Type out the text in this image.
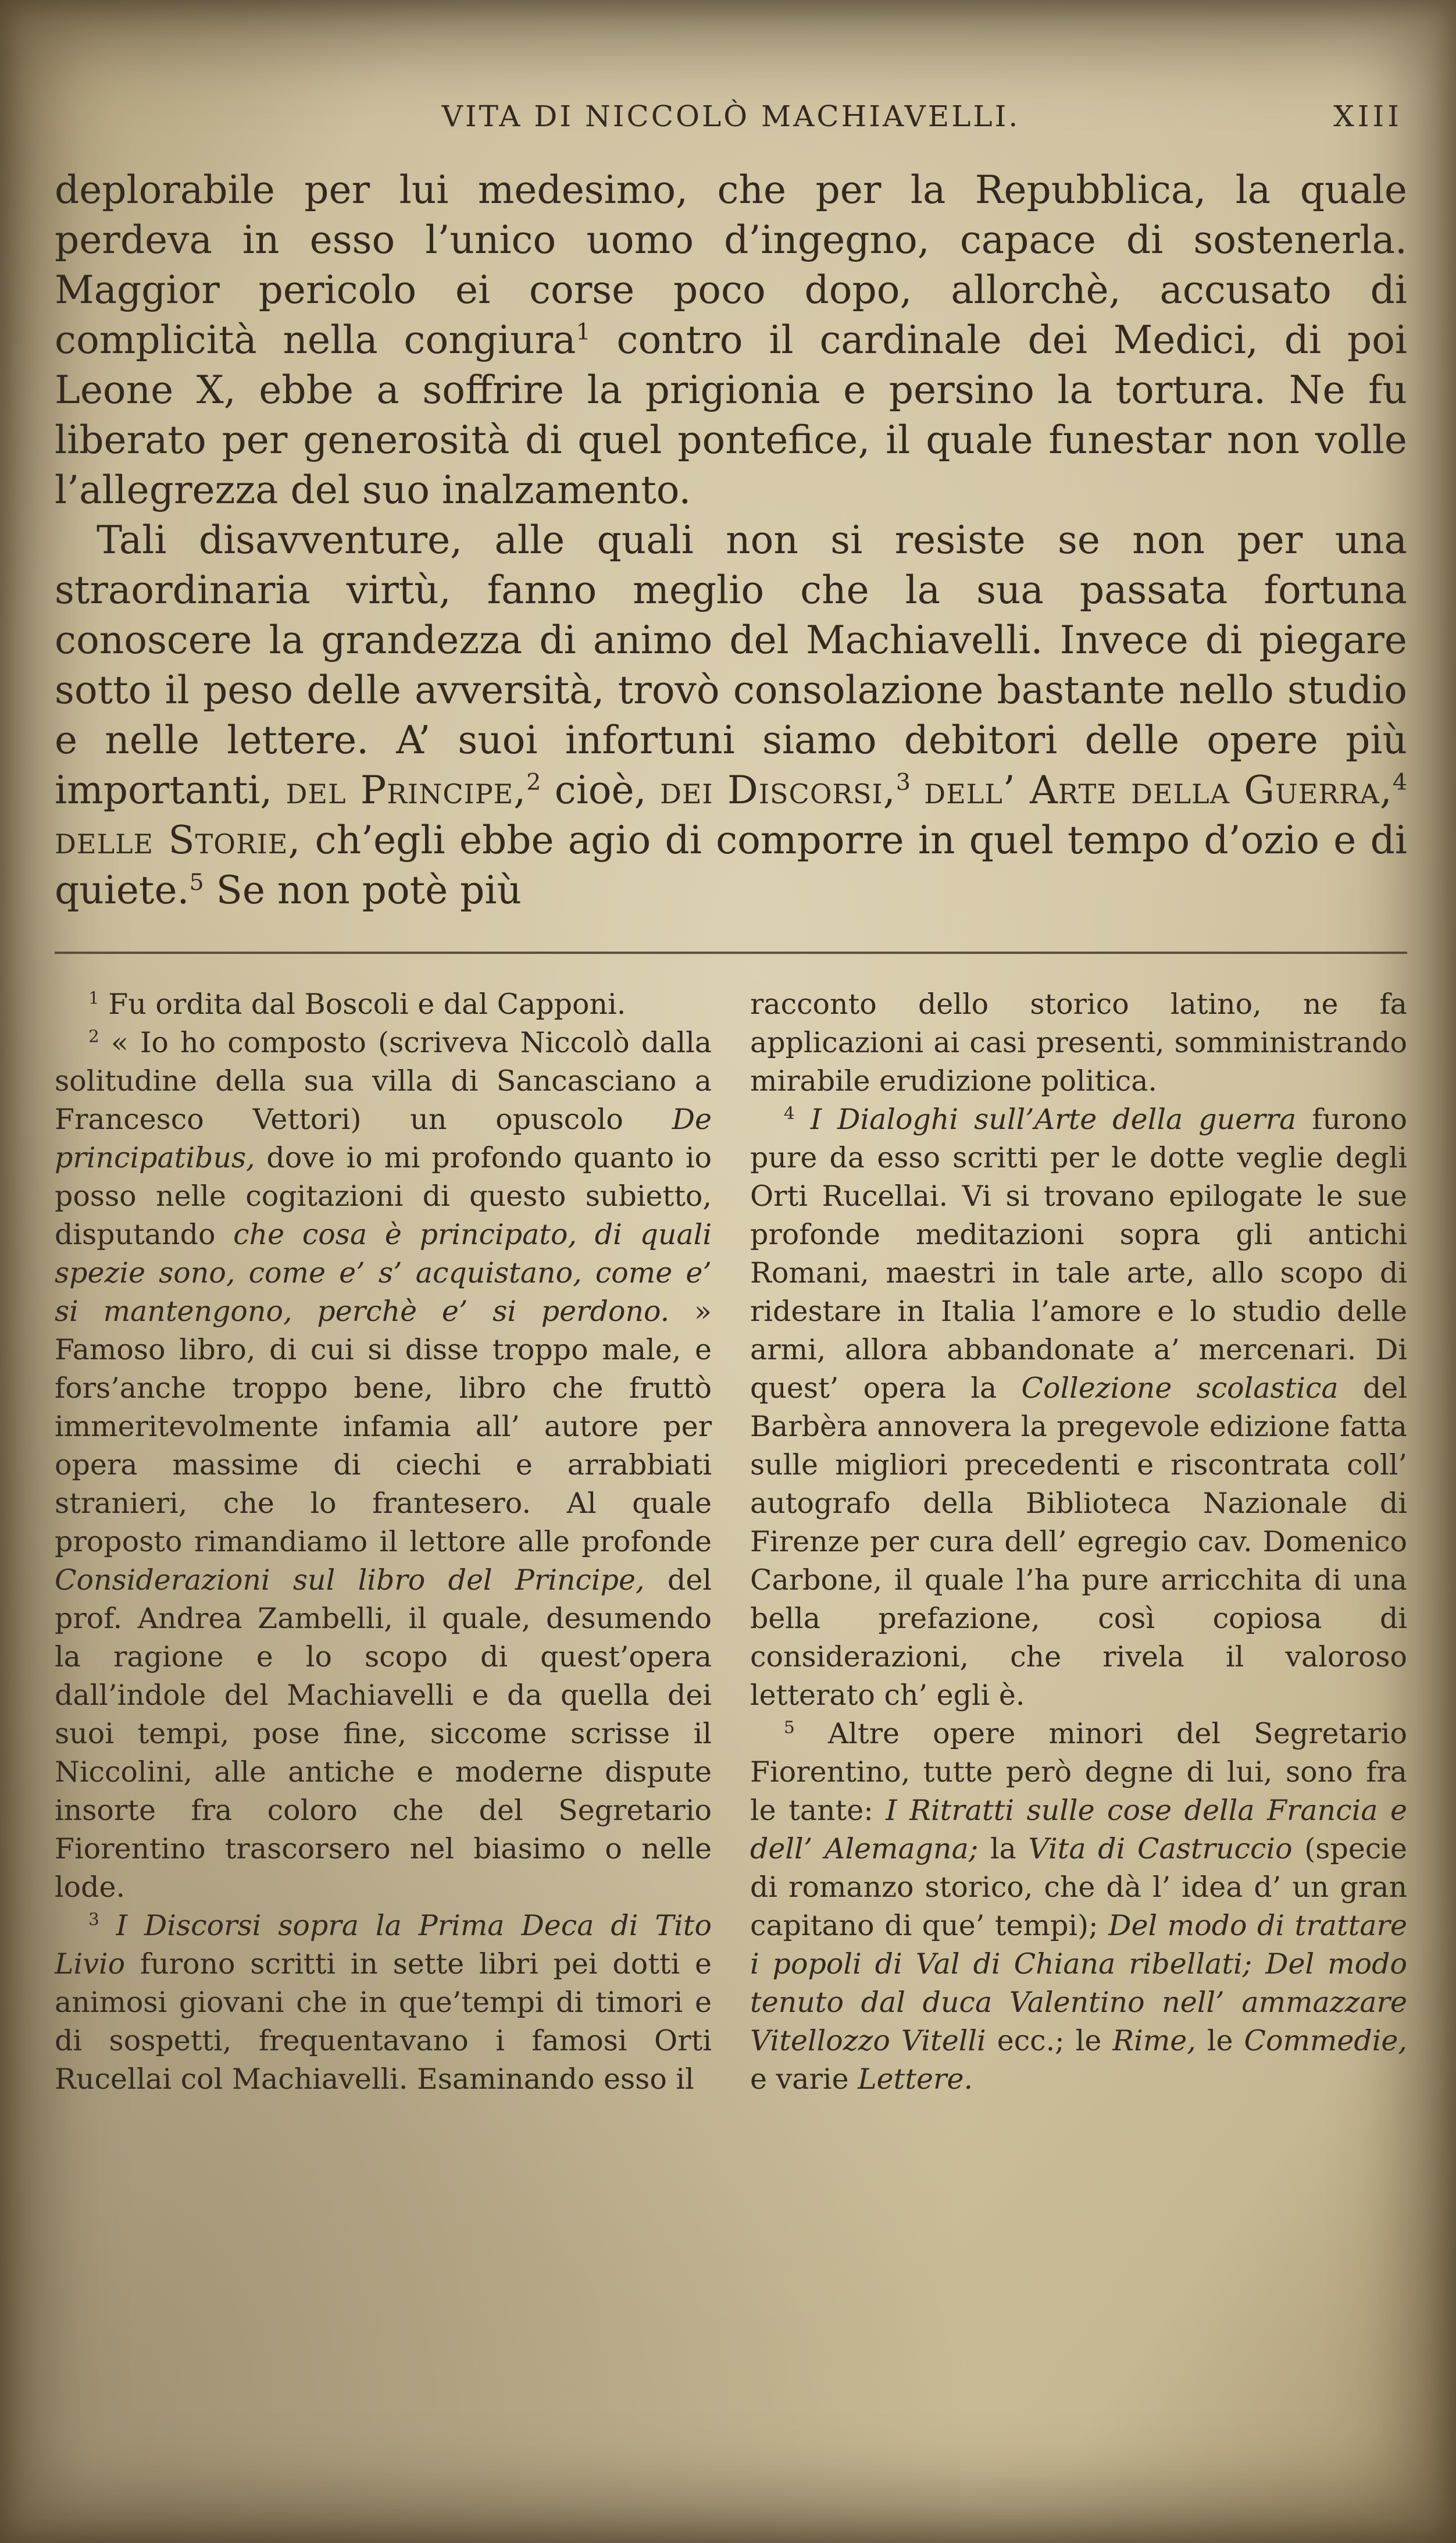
VITA DI NICCOLÒ MACHIAVELLI.	XIII

deplorabile per lui medesimo, che per la Repubblica, la quale perdeva in esso l’unico uomo d’ingegno, capace di sostenerla. Maggior pericolo ei corse poco dopo, allorchè, accusato di complicità nella congiura$^1$ contro il cardinale dei Medici, di poi Leone X, ebbe a soffrire la prigionia e persino la tortura. Ne fu liberato per generosità di quel pontefice, il quale funestar non volle l’allegrezza del suo inalzamento.

Tali disavventure, alle quali non si resiste se non per una straordinaria virtù, fanno meglio che la sua passata fortuna conoscere la grandezza di animo del Machiavelli. Invece di piegare sotto il peso delle avversità, trovò consolazione bastante nello studio e nelle lettere. A’ suoi infortuni siamo debitori delle opere più importanti, del Principe,$^2$ cioè, dei Discorsi,$^3$ dell’ Arte della Guerra,$^4$ delle Storie, ch’egli ebbe agio di comporre in quel tempo d’ozio e di quiete.$^5$ Se non potè più

$^1$ Fu ordita dal Boscoli e dal Capponi.

$^2$ « Io ho composto (scriveva Niccolò dalla solitudine della sua villa di Sancasciano a Francesco Vettori) un opuscolo De principatibus, dove io mi profondo quanto io posso nelle cogitazioni di questo subietto, disputando che cosa è principato, di quali spezie sono, come e’ s’ acquistano, come e’ si mantengono, perchè e’ si perdono. » Famoso libro, di cui si disse troppo male, e fors’anche troppo bene, libro che fruttò immeritevolmente infamia all’ autore per opera massime di ciechi e arrabbiati stranieri, che lo frantesero. Al quale proposto rimandiamo il lettore alle profonde Considerazioni sul libro del Principe, del prof. Andrea Zambelli, il quale, desumendo la ragione e lo scopo di quest’opera dall’indole del Machiavelli e da quella dei suoi tempi, pose fine, siccome scrisse il Niccolini, alle antiche e moderne dispute insorte fra coloro che del Segretario Fiorentino trascorsero nel biasimo o nelle lode.

$^3$ I Discorsi sopra la Prima Deca di Tito Livio furono scritti in sette libri pei dotti e animosi giovani che in que’tempi di timori e di sospetti, frequentavano i famosi Orti Rucellai col Machiavelli. Esaminando esso il

racconto dello storico latino, ne fa applicazioni ai casi presenti, somministrando mirabile erudizione politica.

$^4$ I Dialoghi sull’Arte della guerra furono pure da esso scritti per le dotte veglie degli Orti Rucellai. Vi si trovano epilogate le sue profonde meditazioni sopra gli antichi Romani, maestri in tale arte, allo scopo di ridestare in Italia l’amore e lo studio delle armi, allora abbandonate a’ mercenari. Di quest’ opera la Collezione scolastica del Barbèra annovera la pregevole edizione fatta sulle migliori precedenti e riscontrata coll’ autografo della Biblioteca Nazionale di Firenze per cura dell’ egregio cav. Domenico Carbone, il quale l’ha pure arricchita di una bella prefazione, così copiosa di considerazioni, che rivela il valoroso letterato ch’ egli è.

$^5$ Altre opere minori del Segretario Fiorentino, tutte però degne di lui, sono fra le tante: I Ritratti sulle cose della Francia e dell’ Alemagna; la Vita di Castruccio (specie di romanzo storico, che dà l’ idea d’ un gran capitano di que’ tempi); Del modo di trattare i popoli di Val di Chiana ribellati; Del modo tenuto dal duca Valentino nell’ ammazzare Vitellozzo Vitelli ecc.; le Rime, le Commedie, e varie Lettere.
